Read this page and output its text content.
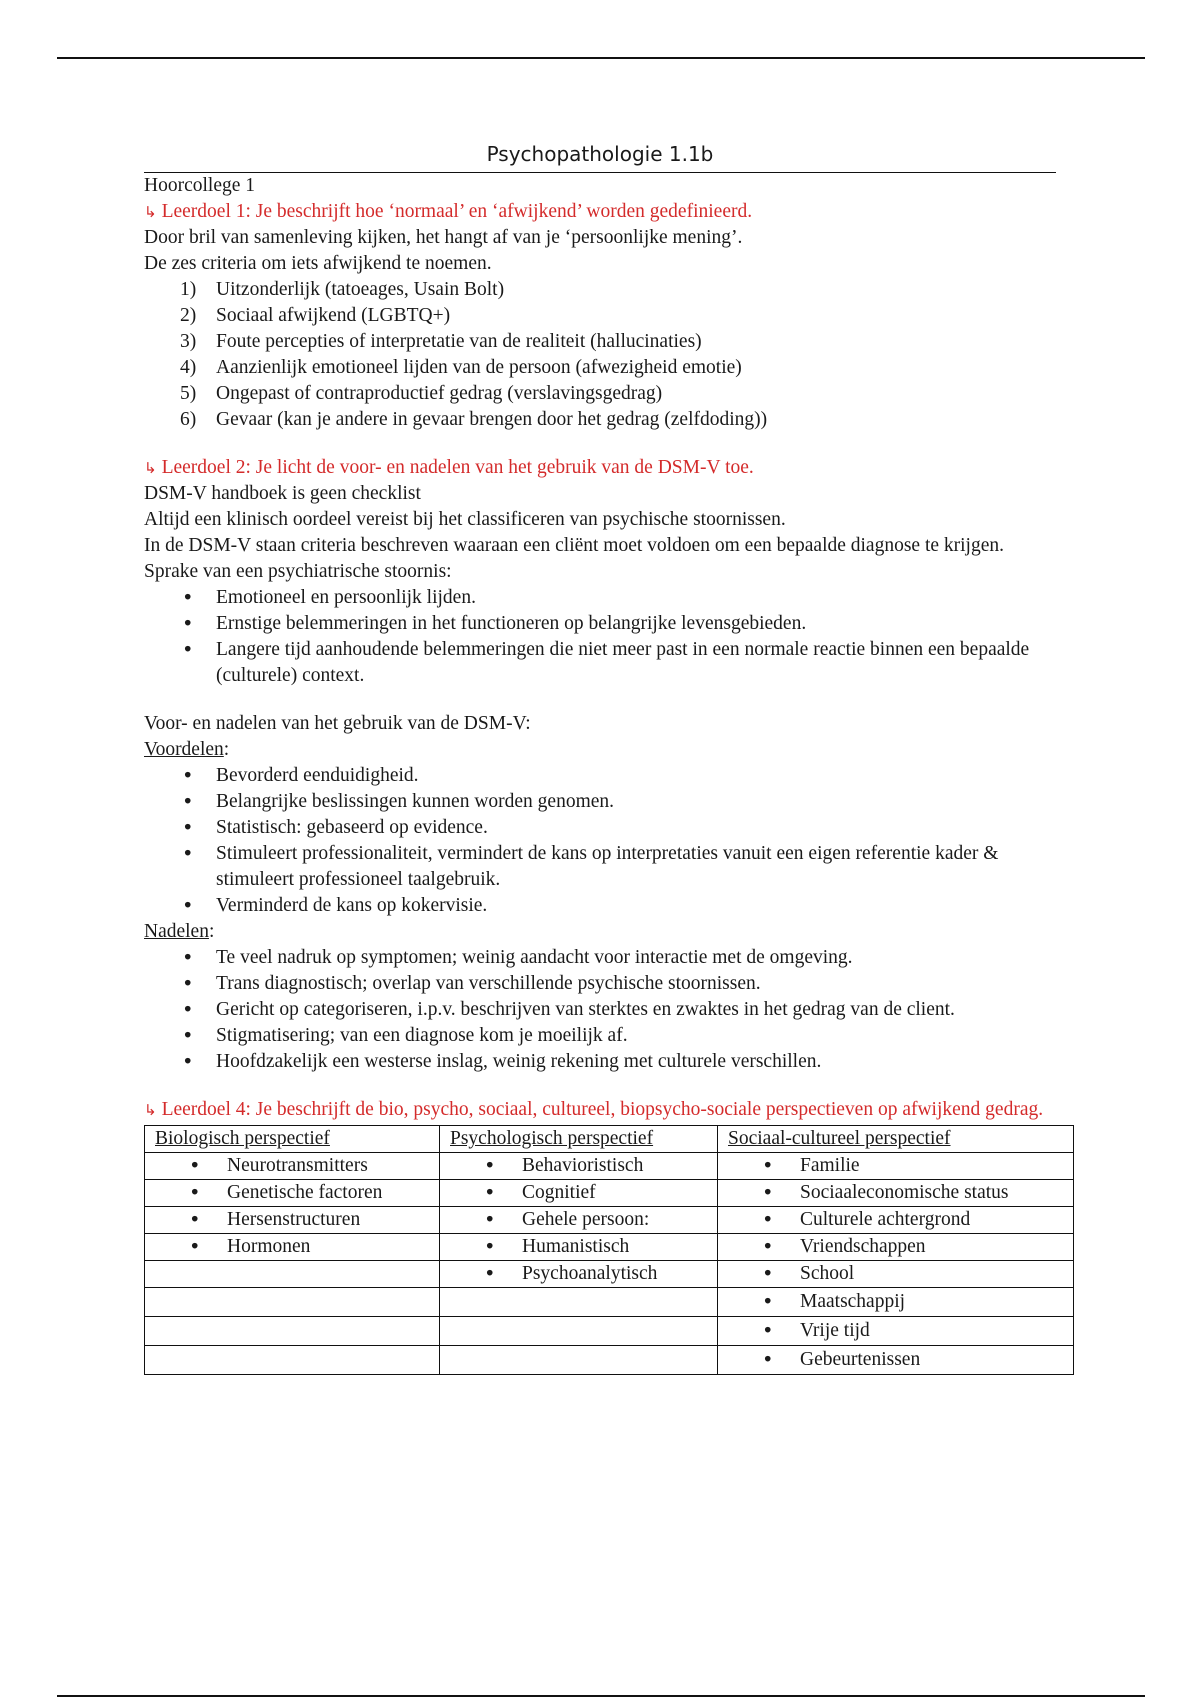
Psychopathologie 1.1b

Hoorcollege 1

↳ Leerdoel 1: Je beschrijft hoe ‘normaal’ en ‘afwijkend’ worden gedefinieerd.

Door bril van samenleving kijken, het hangt af van je ‘persoonlijke mening’.

De zes criteria om iets afwijkend te noemen.

1) Uitzonderlijk (tatoeages, Usain Bolt)
2) Sociaal afwijkend (LGBTQ+)
3) Foute percepties of interpretatie van de realiteit (hallucinaties)
4) Aanzienlijk emotioneel lijden van de persoon (afwezigheid emotie)
5) Ongepast of contraproductief gedrag (verslavingsgedrag)
6) Gevaar (kan je andere in gevaar brengen door het gedrag (zelfdoding))

↳ Leerdoel 2: Je licht de voor- en nadelen van het gebruik van de DSM-V toe.

DSM-V handboek is geen checklist

Altijd een klinisch oordeel vereist bij het classificeren van psychische stoornissen.

In de DSM-V staan criteria beschreven waaraan een cliënt moet voldoen om een bepaalde diagnose te krijgen.

Sprake van een psychiatrische stoornis:

• Emotioneel en persoonlijk lijden.
• Ernstige belemmeringen in het functioneren op belangrijke levensgebieden.
• Langere tijd aanhoudende belemmeringen die niet meer past in een normale reactie binnen een bepaalde (culturele) context.

Voor- en nadelen van het gebruik van de DSM-V:

Voordelen:

• Bevorderd eenduidigheid.
• Belangrijke beslissingen kunnen worden genomen.
• Statistisch: gebaseerd op evidence.
• Stimuleert professionaliteit, vermindert de kans op interpretaties vanuit een eigen referentie kader & stimuleert professioneel taalgebruik.
• Verminderd de kans op kokervisie.

Nadelen:

• Te veel nadruk op symptomen; weinig aandacht voor interactie met de omgeving.
• Trans diagnostisch; overlap van verschillende psychische stoornissen.
• Gericht op categoriseren, i.p.v. beschrijven van sterktes en zwaktes in het gedrag van de client.
• Stigmatisering; van een diagnose kom je moeilijk af.
• Hoofdzakelijk een westerse inslag, weinig rekening met culturele verschillen.

↳ Leerdoel 4: Je beschrijft de bio, psycho, sociaal, cultureel, biopsycho-sociale perspectieven op afwijkend gedrag.

Biologisch perspectief	Psychologisch perspectief	Sociaal-cultureel perspectief

• Neurotransmitters	• Behavioristisch	• Familie

• Genetische factoren	• Cognitief	• Sociaaleconomische status

• Hersenstructuren	• Gehele persoon:	• Culturele achtergrond

• Hormonen	• Humanistisch	• Vriendschappen

	• Psychoanalytisch	• School

		• Maatschappij

		• Vrije tijd

		• Gebeurtenissen
